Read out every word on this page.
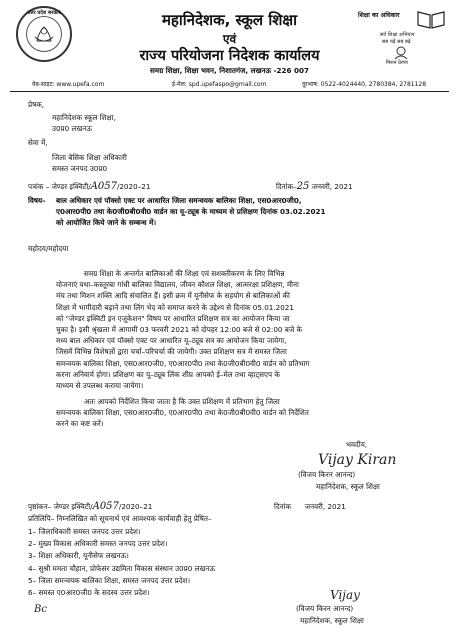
उत्तर प्रदेश सरकार	महानिदेशक, स्कूल शिक्षा
एवं
राज्य परियोजना निदेशक कार्यालय
समग्र शिक्षा, शिक्षा भवन, निशातगंज, लखनऊ -226 007
शिक्षा का अधिकार
सर्व शिक्षा अभियान
सब पढ़ें सब बढ़ें
मिशन प्रेरणा
वेब-साइट: www.upefa.com	ई-मेल: spd.upefaspo@gmail.com	दूरभाष: 0522-4024440, 2780384, 2781128
प्रेषक,
महानिदेशक स्कूल शिक्षा,
उ0प्र0 लखनऊ
सेवा में,
जिला बेसिक शिक्षा अधिकारी
समस्त जनपद उ0प्र0
पत्रांक – जेण्डर इक्विटी/A057/2020–21	दिनांक–25 जनवरी, 2021
विषय– बाल अधिकार एवं पॉक्सो एक्ट पर आधारित जिला समन्वयक बालिका शिक्षा, एस0आर0जी0,
ए0आर0पी0 तथा के0जी0बी0वी0 वार्डन का यू–ट्यूब के माध्यम से प्रशिक्षण दिनांक 03.02.2021
को आयोजित किये जाने के सम्बन्ध में।
महोदय/महोदया
समग्र शिक्षा के अन्तर्गत बालिकाओं की शिक्षा एवं सशक्तीकरण के लिए विभिन्न
योजनाएं यथा–कस्तूरबा गांधी बालिका विद्यालय, जीवन कौशल शिक्षा, आत्मरक्षा प्रशिक्षण, मीना
मंच तथा मिशन शक्ति आदि संचालित हैं। इसी क्रम में यूनीसेफ के सहयोग से बालिकाओं की
शिक्षा में भागीदारी बढ़ाने तथा लिंग भेद को समाप्त करने के उद्देश्य से दिनांक 05.01.2021
को "जेण्डर इक्विटी इन एजूकेशन" विषय पर आधारित प्रशिक्षण सत्र का आयोजन किया जा
चुका है। इसी श्रृंखला में आगामी 03 फरवरी 2021 को दोपहर 12:00 बजे से 02:00 बजे के
मध्य बाल अधिकार एवं पॉक्सो एक्ट पर आधारित यू–ट्यूब सत्र का आयोजन किया जायेगा,
जिसमें विभिन्न विशेषज्ञों द्वारा चर्चा–परिचर्चा की जायेगी। उक्त प्रशिक्षण सत्र में समस्त जिला
समन्वयक बालिका शिक्षा, एस0आर0जी0, ए0आर0पी0 तथा के0जी0बी0वी0 वार्डन को प्रतिभाग
करना अनिवार्य होगा। प्रशिक्षण का यू–ट्यूब लिंक शीघ्र आपको ई–मेल तथा व्हाट्सएप के
माध्यम से उपलब्ध कराया जायेगा।
अतः आपको निर्देशित किया जाता है कि उक्त प्रशिक्षण में प्रतिभाग हेतु जिला
समन्वयक बालिका शिक्षा, एस0आर0जी0, ए0आर0पी0 तथा के0जी0बी0वी0 वार्डन को निर्देशित
करने का कष्ट करें।
भवदीय,
Vijay Kiran
(विजय किरन आनन्द)
महानिदेशक, स्कूल शिक्षा
पृष्ठांकन– जेण्डर इक्विटी/A057/2020–21	दिनांक जनवरी, 2021
प्रतिलिपि– निम्नलिखित को सूचनार्थ एवं आवश्यक कार्यवाही हेतु प्रेषित–
1– जिलाधिकारी समस्त जनपद उत्तर प्रदेश।
2– मुख्य विकास अधिकारी समस्त जनपद उत्तर प्रदेश।
3– शिक्षा अधिकारी, यूनीसेफ लखनऊ।
4– सुश्री ममता चौहान, प्रोफेसर उद्यमिता विकास संस्थान उ0प्र0 लखनऊ
5– जिला समन्वयक बालिका शिक्षा, समस्त जनपद उत्तर प्रदेश।
6– समस्त ए0आर0जी0 के सदस्य उत्तर प्रदेश।
Bc
Vijay
(विजय किरन आनन्द)
महानिदेशक, स्कूल शिक्षा
